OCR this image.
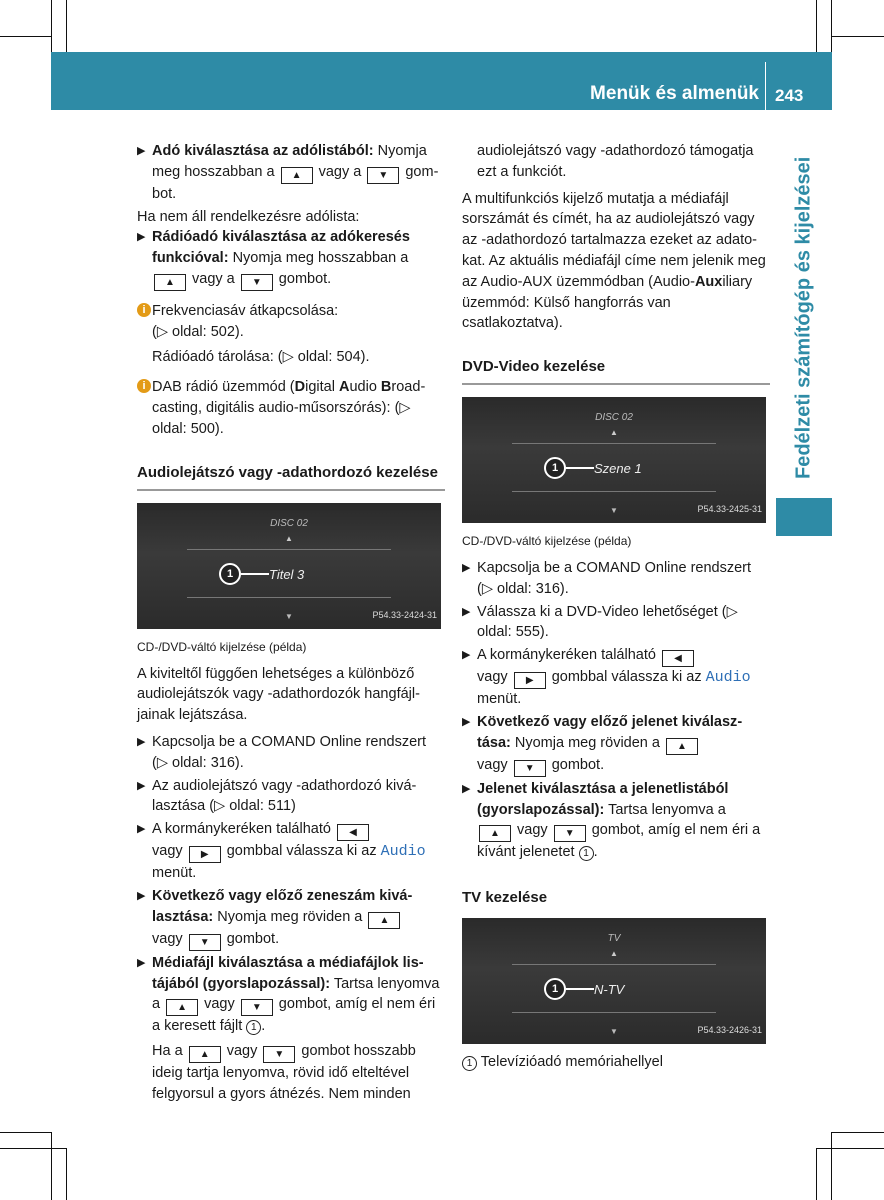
Menük és almenük 243
Fedélzeti számítógép és kijelzései
▶ Adó kiválasztása az adólistából: Nyomja meg hosszabban a ▲ vagy a ▼ gombot.

Ha nem áll rendelkezésre adólista:

▶ Rádióadó kiválasztása az adókeresés funkcióval: Nyomja meg hosszabban a ▲ vagy a ▼ gombot.
i Frekvenciasáv átkapcsolása:
(▷ oldal: 502).
Rádióadó tárolása: (▷ oldal: 504).
i DAB rádió üzemmód (Digital Audio Broadcasting, digitális audio-műsorszórás): (▷ oldal: 500).
Audiolejátszó vagy -adathordozó kezelése
DISC 02
▲
1	Titel 3
▼	P54.33-2424-31
CD-/DVD-váltó kijelzése (példa)

A kiviteltől függően lehetséges a különböző audiolejátszók vagy -adathordozók hangfájljainak lejátszása.

▶ Kapcsolja be a COMAND Online rendszert (▷ oldal: 316).
▶ Az audiolejátszó vagy -adathordozó kiválasztása (▷ oldal: 511)
▶ A kormánykeréken található ◀
vagy ▶ gombbal válassza ki az Audio
menüt.
▶ Következő vagy előző zeneszám kiválasztása: Nyomja meg röviden a ▲
vagy ▼ gombot.
▶ Médiafájl kiválasztása a médiafájlok listájából (gyorslapozással): Tartsa lenyomva a ▲ vagy ▼ gombot, amíg el nem éri a keresett fájlt 1 .
Ha a ▲ vagy ▼ gombot hosszabb ideig tartja lenyomva, rövid idő elteltével felgyorsul a gyors átnézés. Nem minden

audiolejátszó vagy -adathordozó támogatja ezt a funkciót.

A multifunkciós kijelző mutatja a médiafájl sorszámát és címét, ha az audiolejátszó vagy az -adathordozó tartalmazza ezeket az adatokat. Az aktuális médiafájl címe nem jelenik meg az Audio-AUX üzemmódban (Audio-Auxiliary üzemmód: Külső hangforrás van csatlakoztatva).

DVD-Video kezelése
DISC 02
▲
1	Szene 1
▼	P54.33-2425-31
CD-/DVD-váltó kijelzése (példa)
▶ Kapcsolja be a COMAND Online rendszert (▷ oldal: 316).
▶ Válassza ki a DVD-Video lehetőséget (▷ oldal: 555).
▶ A kormánykeréken található ◀
vagy ▶ gombbal válassza ki az Audio
menüt.
▶ Következő vagy előző jelenet kiválasztása: Nyomja meg röviden a ▲
vagy ▼ gombot.
▶ Jelenet kiválasztása a jelenetlistából (gyorslapozással): Tartsa lenyomva a
▲ vagy ▼ gombot, amíg el nem éri a kívánt jelenetet 1 .
TV kezelése
TV
▲
1	N-TV
▼	P54.33-2426-31
1 Televízióadó memóriahellyel
